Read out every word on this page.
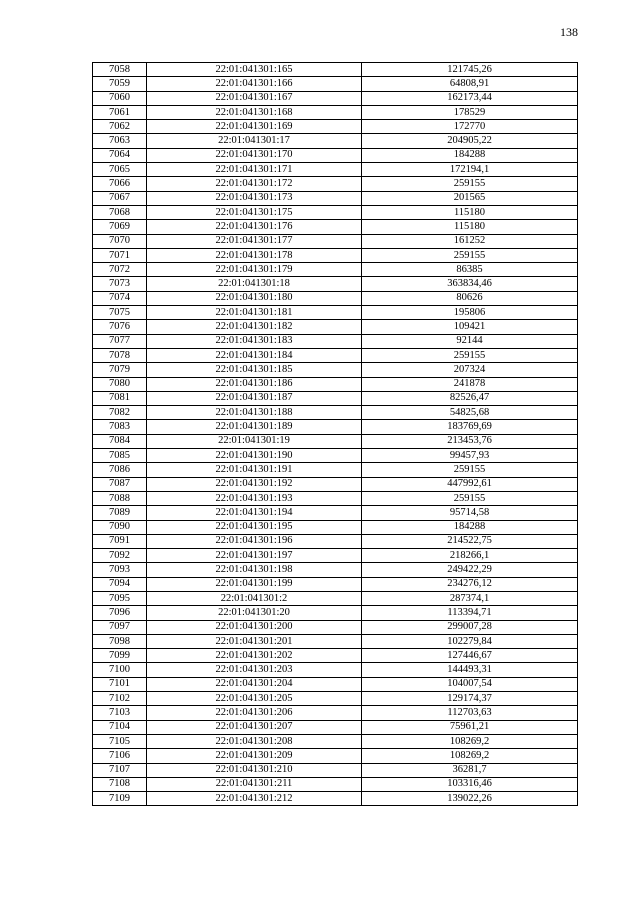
138
7058	22:01:041301:165	121745,26
7059	22:01:041301:166	64808,91
7060	22:01:041301:167	162173,44
7061	22:01:041301:168	178529
7062	22:01:041301:169	172770
7063	22:01:041301:17	204905,22
7064	22:01:041301:170	184288
7065	22:01:041301:171	172194,1
7066	22:01:041301:172	259155
7067	22:01:041301:173	201565
7068	22:01:041301:175	115180
7069	22:01:041301:176	115180
7070	22:01:041301:177	161252
7071	22:01:041301:178	259155
7072	22:01:041301:179	86385
7073	22:01:041301:18	363834,46
7074	22:01:041301:180	80626
7075	22:01:041301:181	195806
7076	22:01:041301:182	109421
7077	22:01:041301:183	92144
7078	22:01:041301:184	259155
7079	22:01:041301:185	207324
7080	22:01:041301:186	241878
7081	22:01:041301:187	82526,47
7082	22:01:041301:188	54825,68
7083	22:01:041301:189	183769,69
7084	22:01:041301:19	213453,76
7085	22:01:041301:190	99457,93
7086	22:01:041301:191	259155
7087	22:01:041301:192	447992,61
7088	22:01:041301:193	259155
7089	22:01:041301:194	95714,58
7090	22:01:041301:195	184288
7091	22:01:041301:196	214522,75
7092	22:01:041301:197	218266,1
7093	22:01:041301:198	249422,29
7094	22:01:041301:199	234276,12
7095	22:01:041301:2	287374,1
7096	22:01:041301:20	113394,71
7097	22:01:041301:200	299007,28
7098	22:01:041301:201	102279,84
7099	22:01:041301:202	127446,67
7100	22:01:041301:203	144493,31
7101	22:01:041301:204	104007,54
7102	22:01:041301:205	129174,37
7103	22:01:041301:206	112703,63
7104	22:01:041301:207	75961,21
7105	22:01:041301:208	108269,2
7106	22:01:041301:209	108269,2
7107	22:01:041301:210	36281,7
7108	22:01:041301:211	103316,46
7109	22:01:041301:212	139022,26
